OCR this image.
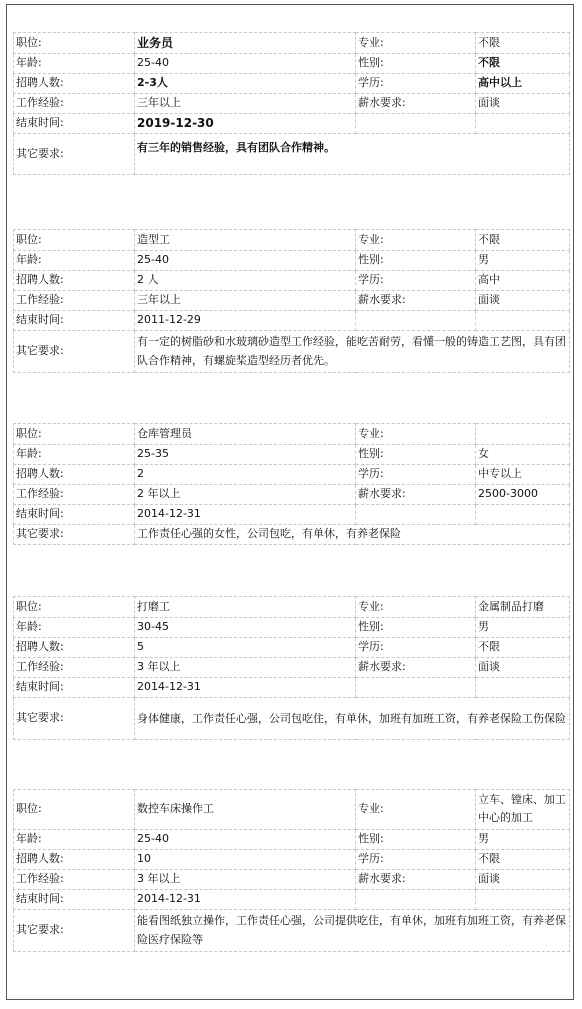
职位:	业务员	专业:	不限
年龄:	25-40	性别:	不限
招聘人数:	2-3人	学历:	高中以上
工作经验:	三年以上	薪水要求:	面谈
结束时间:	2019-12-30		
其它要求:	有三年的销售经验，具有团队合作精神。		
职位:	造型工	专业:	不限
年龄:	25-40	性别:	男
招聘人数:	2 人	学历:	高中
工作经验:	三年以上	薪水要求:	面谈
结束时间:	2011-12-29		
其它要求:	有一定的树脂砂和水玻璃砂造型工作经验，能吃苦耐劳，看懂一般的铸造工艺图，具有团队合作精神，有螺旋桨造型经历者优先。		
职位:	仓库管理员	专业:	
年龄:	25-35	性别:	女
招聘人数:	2	学历:	中专以上
工作经验:	2 年以上	薪水要求:	2500-3000
结束时间:	2014-12-31		
其它要求:	工作责任心强的女性，公司包吃，有单休，有养老保险		
职位:	打磨工	专业:	金属制品打磨
年龄:	30-45	性别:	男
招聘人数:	5	学历:	不限
工作经验:	3 年以上	薪水要求:	面谈
结束时间:	2014-12-31		
其它要求:	身体健康，工作责任心强，公司包吃住，有单休，加班有加班工资，有养老保险工伤保险		
职位:	数控车床操作工	专业:	立车、镗床、加工中心的加工
年龄:	25-40	性别:	男
招聘人数:	10	学历:	不限
工作经验:	3 年以上	薪水要求:	面谈
结束时间:	2014-12-31		
其它要求:	能看图纸独立操作，工作责任心强，公司提供吃住，有单休，加班有加班工资，有养老保险医疗保险等		
